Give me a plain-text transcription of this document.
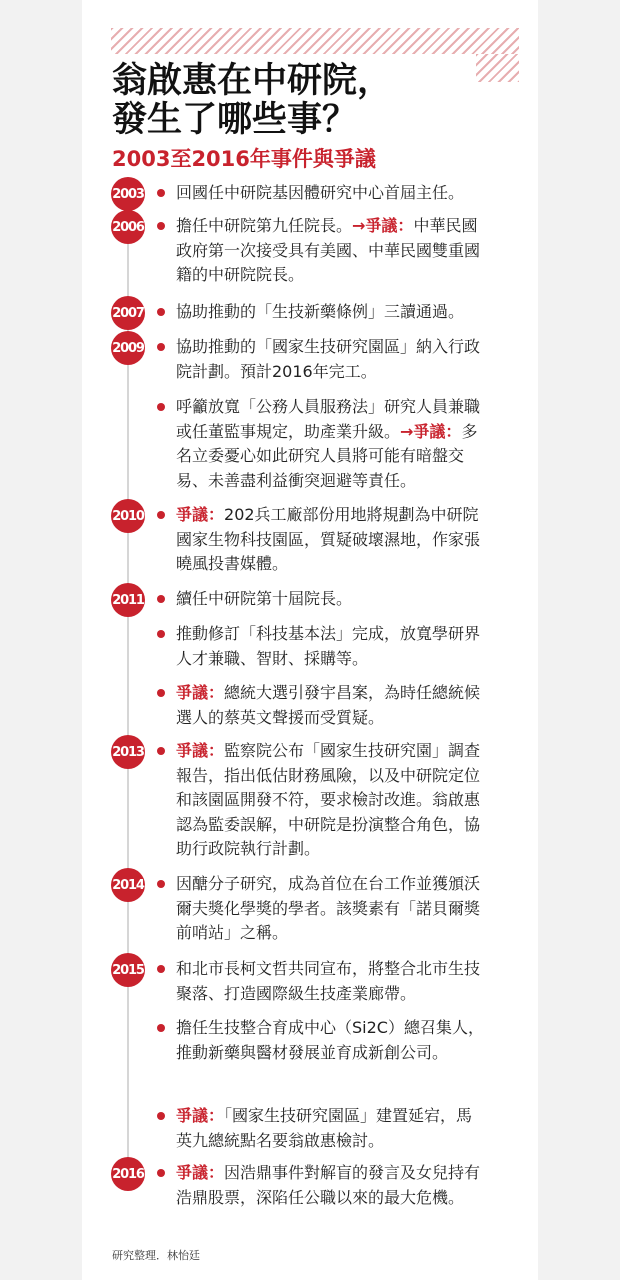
翁啟惠在中研院，
發生了哪些事？
2003至2016年事件與爭議
2003 回國任中研院基因體研究中心首屆主任。
2006 擔任中研院第九任院長。→爭議：中華民國政府第一次接受具有美國、中華民國雙重國籍的中研院院長。
2007 協助推動的「生技新藥條例」三讀通過。
2009 協助推動的「國家生技研究園區」納入行政院計劃。預計2016年完工。
呼籲放寬「公務人員服務法」研究人員兼職或任董監事規定，助產業升級。→爭議：多名立委憂心如此研究人員將可能有暗盤交易、未善盡利益衝突迴避等責任。
2010 爭議：202兵工廠部份用地將規劃為中研院國家生物科技園區，質疑破壞濕地，作家張曉風投書媒體。
2011 續任中研院第十屆院長。
推動修訂「科技基本法」完成，放寬學研界人才兼職、智財、採購等。
爭議：總統大選引發宇昌案，為時任總統候選人的蔡英文聲援而受質疑。
2013 爭議：監察院公布「國家生技研究園」調查報告，指出低估財務風險，以及中研院定位和該園區開發不符，要求檢討改進。翁啟惠認為監委誤解，中研院是扮演整合角色，協助行政院執行計劃。
2014 因醣分子研究，成為首位在台工作並獲頒沃爾夫獎化學獎的學者。該獎素有「諾貝爾獎前哨站」之稱。
2015 和北市長柯文哲共同宣布，將整合北市生技聚落、打造國際級生技產業廊帶。
擔任生技整合育成中心（Si2C）總召集人，推動新藥與醫材發展並育成新創公司。
爭議：「國家生技研究園區」建置延宕，馬英九總統點名要翁啟惠檢討。
2016 爭議：因浩鼎事件對解盲的發言及女兒持有浩鼎股票，深陷任公職以來的最大危機。
研究整理．林怡廷
